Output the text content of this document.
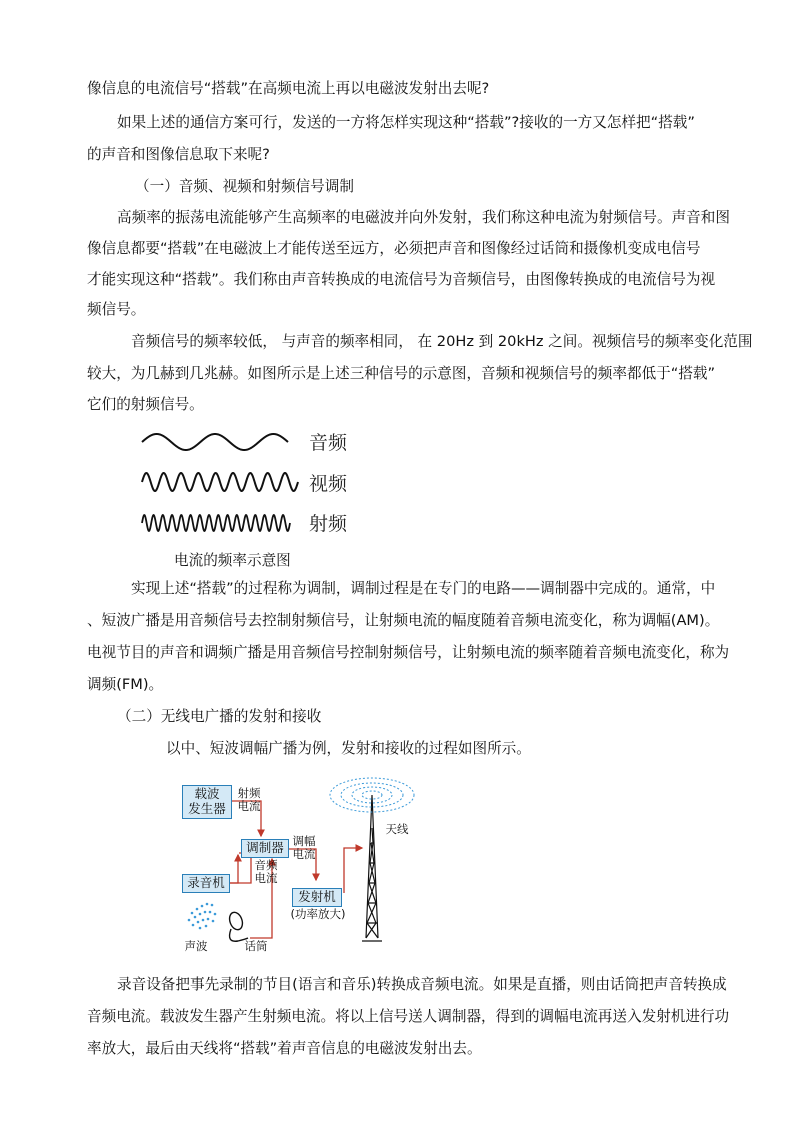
像信息的电流信号“搭载”在高频电流上再以电磁波发射出去呢?
如果上述的通信方案可行，发送的一方将怎样实现这种“搭载”?接收的一方又怎样把“搭载”
的声音和图像信息取下来呢?
（一）音频、视频和射频信号调制
高频率的振荡电流能够产生高频率的电磁波并向外发射，我们称这种电流为射频信号。声音和图
像信息都要“搭载”在电磁波上才能传送至远方，必须把声音和图像经过话筒和摄像机变成电信号
才能实现这种“搭载”。我们称由声音转换成的电流信号为音频信号，由图像转换成的电流信号为视
频信号。
音频信号的频率较低， 与声音的频率相同， 在 20Hz 到 20kHz 之间。视频信号的频率变化范围
较大，为几赫到几兆赫。如图所示是上述三种信号的示意图，音频和视频信号的频率都低于“搭载”
它们的射频信号。
音频
视频
射频
电流的频率示意图
实现上述“搭载”的过程称为调制，调制过程是在专门的电路——调制器中完成的。通常，中
、短波广播是用音频信号去控制射频信号，让射频电流的幅度随着音频电流变化，称为调幅(AM)。
电视节目的声音和调频广播是用音频信号控制射频信号，让射频电流的频率随着音频电流变化，称为
调频(FM)。
（二）无线电广播的发射和接收
以中、短波调幅广播为例，发射和接收的过程如图所示。
载波
发生器
射频
电流
调制器 调幅
电流
音频
电流
录音机
发射机
(功率放大)
天线
声波	话筒
录音设备把事先录制的节目(语言和音乐)转换成音频电流。如果是直播，则由话筒把声音转换成
音频电流。载波发生器产生射频电流。将以上信号送人调制器，得到的调幅电流再送入发射机进行功
率放大，最后由天线将“搭载”着声音信息的电磁波发射出去。
